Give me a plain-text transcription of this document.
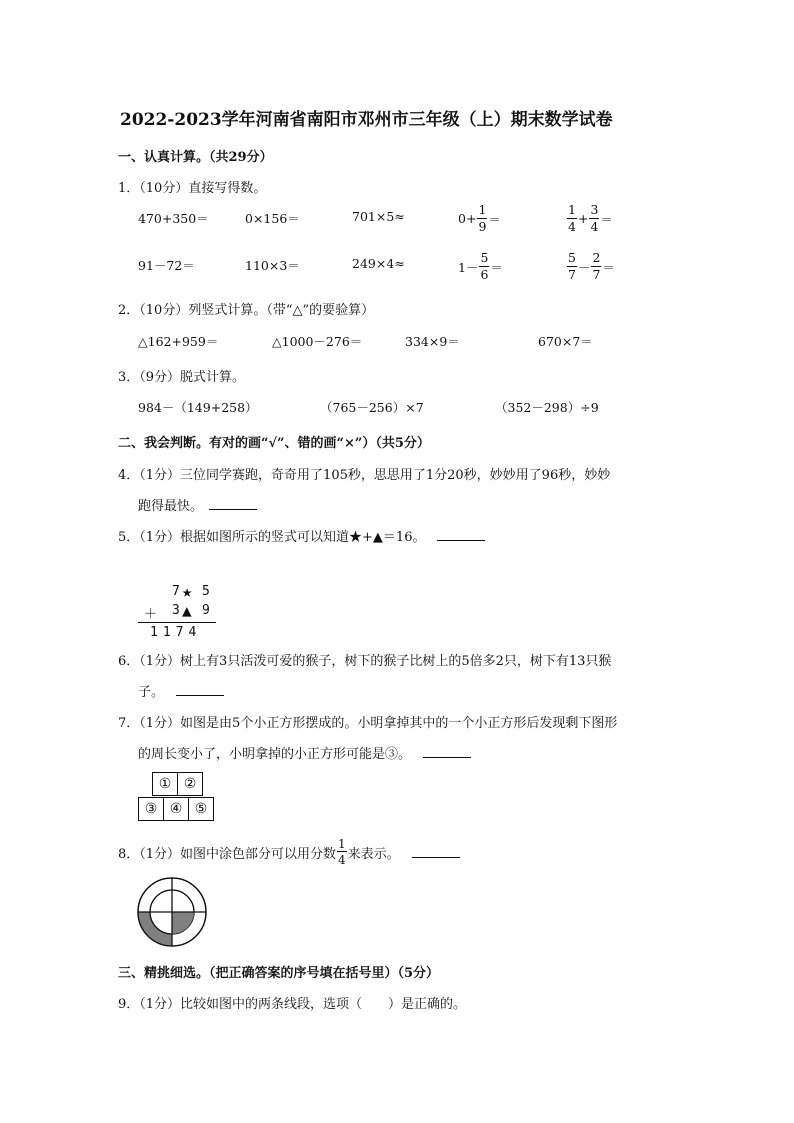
2022-2023学年河南省南阳市邓州市三年级（上）期末数学试卷
一、认真计算。（共29分）
1．（10分）直接写得数。
470+350＝	0×156＝	701×5≈	$0+ \frac{1}{9}$ ＝	$\frac{1}{4} + \frac{3}{4}$ ＝
91－72＝	110×3＝	249×4≈	$1- \frac{5}{6}$ ＝	$\frac{5}{7} - \frac{2}{7}$ ＝
2．（10分）列竖式计算。（带“△”的要验算）
△162+959＝	△1000－276＝	334×9＝	670×7＝
3．（9分）脱式计算。
984－（149+258）	（765－256）×7	（352－298）÷9
二、我会判断。有对的画“√”、错的画“×”）（共5分）
4．（1分）三位同学赛跑，奇奇用了105秒，思思用了1分20秒，妙妙用了96秒，妙妙
跑得最快。
5．（1分）根据如图所示的竖式可以知道★+▲＝16。
7 ★ 5
＋ 3 ▲ 9
1174
6．（1分）树上有3只活泼可爱的猴子，树下的猴子比树上的5倍多2只，树下有13只猴
子。
7．（1分）如图是由5个小正方形摆成的。小明拿掉其中的一个小正方形后发现剩下图形
的周长变小了，小明拿掉的小正方形可能是③。
① ②
③ ④ ⑤
8．（1分）如图中涂色部分可以用分数 $\frac{1}{4}$ 来表示。
三、精挑细选。（把正确答案的序号填在括号里）（5分）
9．（1分）比较如图中的两条线段，选项（　　）是正确的。
